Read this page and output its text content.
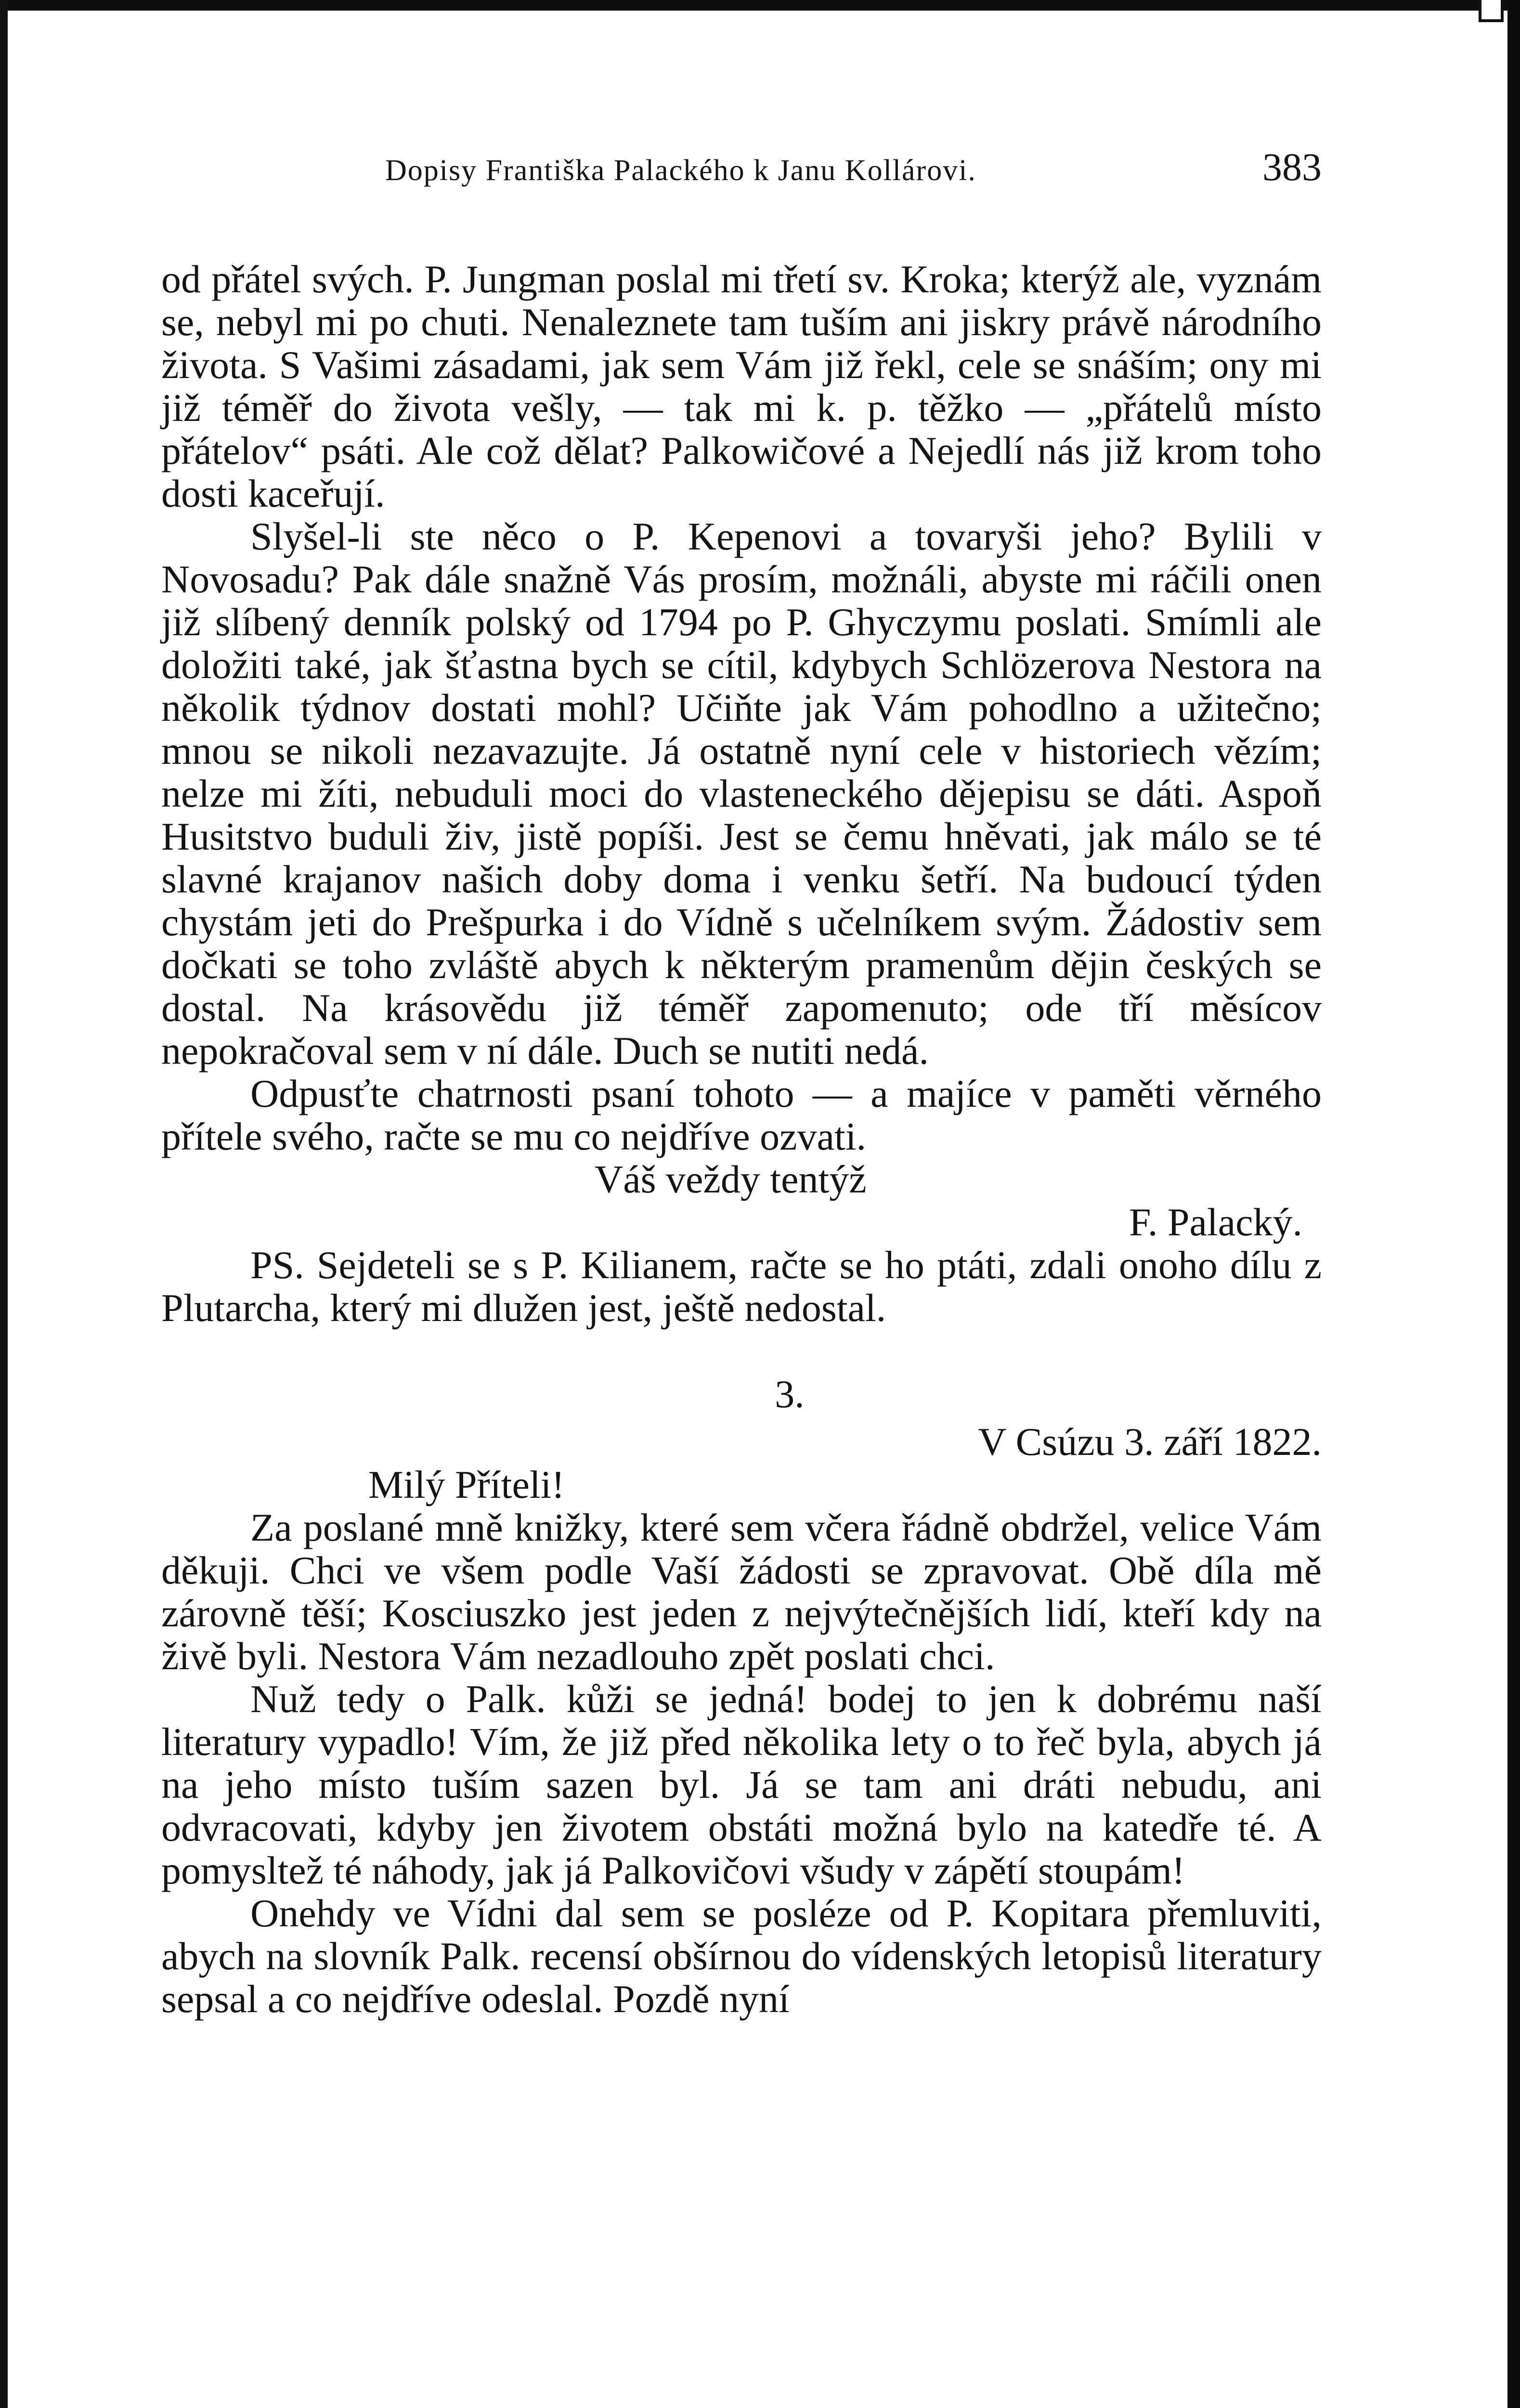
Dopisy Františka Palackého k Janu Kollárovi.	383

od přátel svých. P. Jungman poslal mi třetí sv. Kroka; kterýž ale, vyznám se, nebyl mi po chuti. Nenaleznete tam tuším ani jiskry právě národního života. S Vašimi zásadami, jak sem Vám již řekl, cele se snáším; ony mi již téměř do života vešly, — tak mi k. p. těžko — „přátelů místo přátelov“ psáti. Ale což dělat? Palkowičové a Nejedlí nás již krom toho dosti kaceřují.

Slyšel-li ste něco o P. Kepenovi a tovaryši jeho? Bylili v Novosadu? Pak dále snažně Vás prosím, možnáli, abyste mi ráčili onen již slíbený denník polský od 1794 po P. Ghyczymu poslati. Smímli ale doložiti také, jak šťastna bych se cítil, kdybych Schlözerova Nestora na několik týdnov dostati mohl? Učiňte jak Vám pohodlno a užitečno; mnou se nikoli nezavazujte. Já ostatně nyní cele v historiech vězím; nelze mi žíti, nebuduli moci do vlasteneckého dějepisu se dáti. Aspoň Husitstvo buduli živ, jistě popíši. Jest se čemu hněvati, jak málo se té slavné krajanov našich doby doma i venku šetří. Na budoucí týden chystám jeti do Prešpurka i do Vídně s učelníkem svým. Žádostiv sem dočkati se toho zvláště abych k některým pramenům dějin českých se dostal. Na krásovědu již téměř zapomenuto; ode tří měsícov nepokračoval sem v ní dále. Duch se nutiti nedá.

Odpusťte chatrnosti psaní tohoto — a majíce v paměti věrného přítele svého, račte se mu co nejdříve ozvati.

Váš veždy tentýž

F. Palacký.

PS. Sejdeteli se s P. Kilianem, račte se ho ptáti, zdali onoho dílu z Plutarcha, který mi dlužen jest, ještě nedostal.

3.
V Csúzu 3. září 1822.
Milý Příteli!

Za poslané mně knižky, které sem včera řádně obdržel, velice Vám děkuji. Chci ve všem podle Vaší žádosti se zpravovat. Obě díla mě zárovně těší; Kosciuszko jest jeden z nejvýtečnějších lidí, kteří kdy na živě byli. Nestora Vám nezadlouho zpět poslati chci.

Nuž tedy o Palk. kůži se jedná! bodej to jen k dobrému naší literatury vypadlo! Vím, že již před několika lety o to řeč byla, abych já na jeho místo tuším sazen byl. Já se tam ani dráti nebudu, ani odvracovati, kdyby jen životem obstáti možná bylo na katedře té. A pomysltež té náhody, jak já Palkovičovi všudy v zápětí stoupám!

Onehdy ve Vídni dal sem se posléze od P. Kopitara přemluviti, abych na slovník Palk. recensí obšírnou do vídenských letopisů literatury sepsal a co nejdříve odeslal. Pozdě nyní
